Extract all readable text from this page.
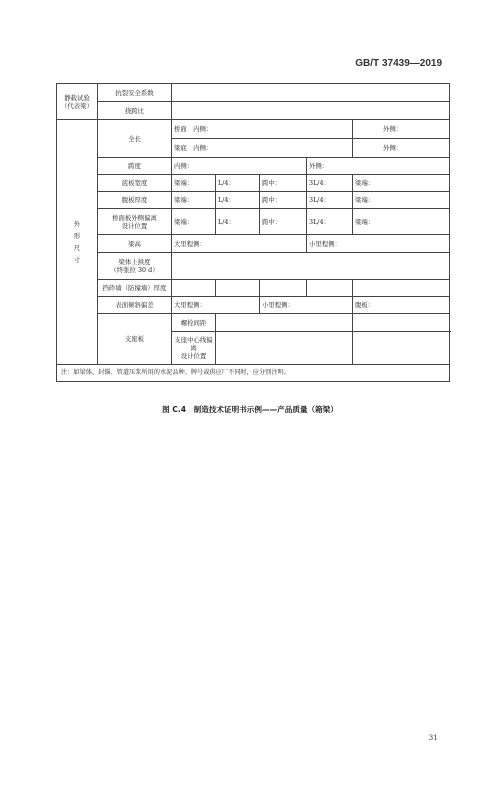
GB/T 37439—2019
静载试验
（代表梁）	抗裂安全系数					
	挠跨比					
外
形
尺
寸	全长	桥面　 内侧：				外侧：
		梁底　 内侧：				外侧：
	跨度	内侧：			外侧：	
	底板宽度	梁端：	L/4：	跨中：	3L/4：	梁端：
	腹板厚度	梁端：	L/4：	跨中：	3L/4：	梁端：
	桥面板外侧偏离
设计位置	梁端：	L/4：	跨中：	3L/4：	梁端：
	梁高	大里程侧：			小里程侧：	
	梁体上拱度
（终张拉 30 d）					
	挡砟墙（防撞墙）厚度					
	表面倾斜偏差	大里程侧：		小里程侧：		腹板：
	支座板	螺栓间距				
		支座中心线偏离
设计位置				
注：如梁体、封锚、管道压浆所用的水泥品种、牌号或供应厂不同时，应分别注明。						
图 C.4　制造技术证明书示例——产品质量（箱梁）
31
